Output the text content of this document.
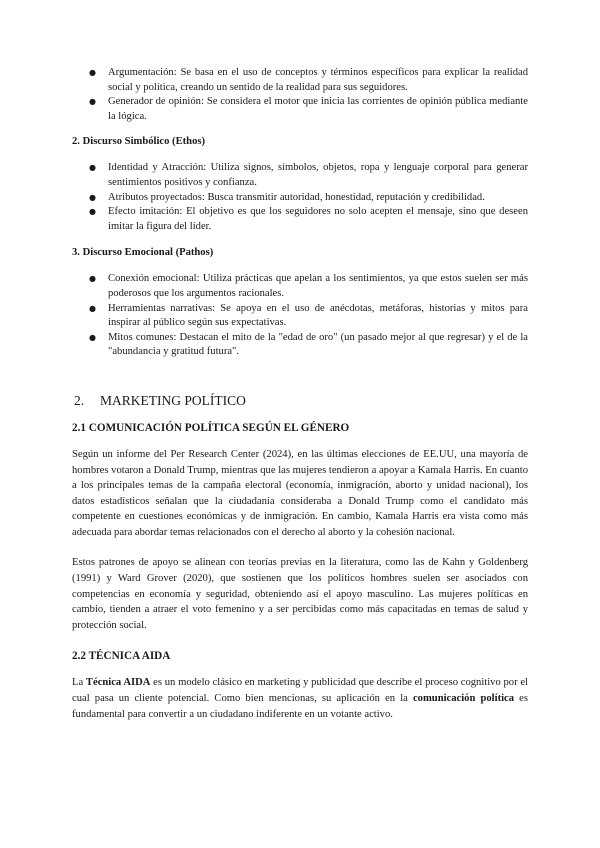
● Argumentación: Se basa en el uso de conceptos y términos específicos para explicar la realidad social y política, creando un sentido de la realidad para sus seguidores.
● Generador de opinión: Se considera el motor que inicia las corrientes de opinión pública mediante la lógica.

2. Discurso Simbólico (Ethos)

● Identidad y Atracción: Utiliza signos, símbolos, objetos, ropa y lenguaje corporal para generar sentimientos positivos y confianza.
● Atributos proyectados: Busca transmitir autoridad, honestidad, reputación y credibilidad.
● Efecto imitación: El objetivo es que los seguidores no solo acepten el mensaje, sino que deseen imitar la figura del líder.

3. Discurso Emocional (Pathos)

● Conexión emocional: Utiliza prácticas que apelan a los sentimientos, ya que estos suelen ser más poderosos que los argumentos racionales.
● Herramientas narrativas: Se apoya en el uso de anécdotas, metáforas, historias y mitos para inspirar al público según sus expectativas.
● Mitos comunes: Destacan el mito de la "edad de oro" (un pasado mejor al que regresar) y el de la "abundancia y gratitud futura".

2. MARKETING POLÍTICO

2.1 COMUNICACIÓN POLÍTICA SEGÚN EL GÉNERO

Según un informe del Per Research Center (2024), en las últimas elecciones de EE.UU, una mayoría de hombres votaron a Donald Trump, mientras que las mujeres tendieron a apoyar a Kamala Harris. En cuanto a los principales temas de la campaña electoral (economía, inmigración, aborto y unidad nacional), los datos estadísticos señalan que la ciudadanía consideraba a Donald Trump como el candidato más competente en cuestiones económicas y de inmigración. En cambio, Kamala Harris era vista como más adecuada para abordar temas relacionados con el derecho al aborto y la cohesión nacional.

Estos patrones de apoyo se alinean con teorías previas en la literatura, como las de Kahn y Goldenberg (1991) y Ward Grover (2020), que sostienen que los políticos hombres suelen ser asociados con competencias en economía y seguridad, obteniendo así el apoyo masculino. Las mujeres políticas en cambio, tienden a atraer el voto femenino y a ser percibidas como más capacitadas en temas de salud y protección social.

2.2 TÉCNICA AIDA

La Técnica AIDA es un modelo clásico en marketing y publicidad que describe el proceso cognitivo por el cual pasa un cliente potencial. Como bien mencionas, su aplicación en la comunicación política es fundamental para convertir a un ciudadano indiferente en un votante activo.
